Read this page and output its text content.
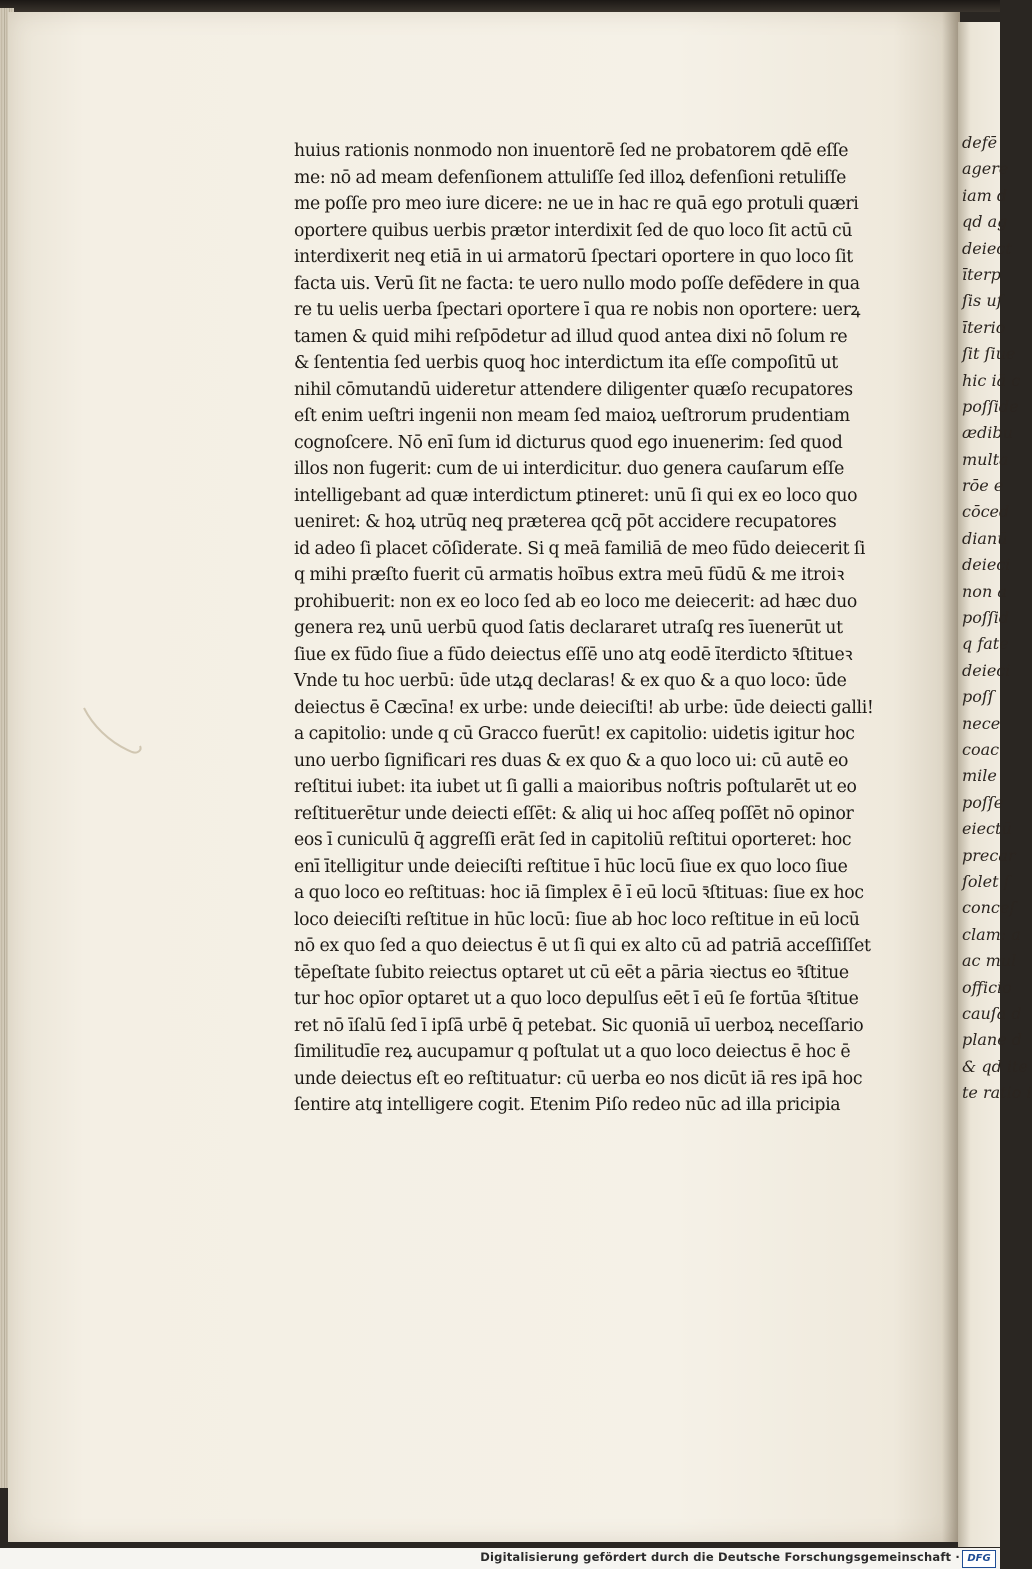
huius rationis nonmodo non inuentorē ſed ne probatorem qdē eſſe
me: nō ad meam defenſionem attuliſſe ſed illoꝝ defenſioni retuliſſe
me poſſe pro meo iure dicere: ne ue in hac re quā ego protuli quæri
oportere quibus uerbis prætor interdixit ſed de quo loco ſit actū cū
interdixerit neq̧ etiā in ui armatorū ſpectari oportere in quo loco ſit
facta uis. Verū ſit ne facta: te uero nullo modo poſſe defēdere in qua
re tu uelis uerba ſpectari oportere ī qua re nobis non oportere: uerꝝ
tamen & quid mihi reſpōdetur ad illud quod antea dixi nō ſolum re
& ſententia ſed uerbis quoq̧ hoc interdictum ita eſſe compoſitū ut
nihil cōmutandū uideretur attendere diligenter quæſo recupatores
eſt enim ueſtri ingenii non meam ſed maioꝝ ueſtrorum prudentiam
cognoſcere. Nō enī ſum id dicturus quod ego inuenerim: ſed quod
illos non fugerit: cum de ui interdicitur. duo genera cauſarum eſſe
intelligebant ad quæ interdictum ꝑtineret: unū ſi qui ex eo loco quo
ueniret: & hoꝝ utrūq̧ neq̧ præterea qcq̄ pōt accidere recupatores
id adeo ſi placet cōſiderate. Si q meā familiā de meo fūdo deiecerit ſi
q mihi præſto fuerit cū armatis hoībus extra meū fūdū & me itroiꝛ
prohibuerit: non ex eo loco ſed ab eo loco me deiecerit: ad hæc duo
genera reꝝ unū uerbū quod ſatis declararet utraſq̧ res īuenerūt ut
ſiue ex fūdo ſiue a fūdo deiectus eſſē uno atq̧ eodē īterdicto ꝛ̄ſtitueꝛ
Vnde tu hoc uerbū: ūde utꝝq̧ declaras! & ex quo & a quo loco: ūde
deiectus ē Cæcīna! ex urbe: unde deieciſti! ab urbe: ūde deiecti galli!
a capitolio: unde q cū Gracco fuerūt! ex capitolio: uidetis igitur hoc
uno uerbo ſignificari res duas & ex quo & a quo loco ui: cū autē eo
reſtitui iubet: ita iubet ut ſi galli a maioribus noſtris poſtularēt ut eo
reſtituerētur unde deiecti eſſēt: & aliq ui hoc aſſeq poſſēt nō opinor
eos ī cuniculū q̄ aggreſſi erāt ſed in capitoliū reſtitui oporteret: hoc
enī ītelligitur unde deieciſti reſtitue ī hūc locū ſiue ex quo loco ſiue
a quo loco eo reſtituas: hoc iā ſimplex ē ī eū locū ꝛ̄ſtituas: ſiue ex hoc
loco deieciſti reſtitue in hūc locū: ſiue ab hoc loco reſtitue in eū locū
nō ex quo ſed a quo deiectus ē ut ſi qui ex alto cū ad patriā acceſſiſſet
tēpeſtate ſubito reiectus optaret ut cū eēt a pāria ꝛiectus eo ꝛ̄ſtitue
tur hoc opīor optaret ut a quo loco depulſus eēt ī eū ſe fortūa ꝛ̄ſtitue
ret nō īſalū ſed ī ipſā urbē q̄ petebat. Sic quoniā uī uerboꝝ neceſſario
ſimilitudīe reꝝ aucupamur q poſtulat ut a quo loco deiectus ē hoc ē
unde deiectus eſt eo reſtituatur: cū uerba eo nos dicūt iā res ipā hoc
ſentire atq̧ intelligere cogit. Etenim Piſo redeo nūc ad illa pricipia
defē
agere
iam d
qd ag
deiect
īterp
ſis uſ
īterio
ſit ſiue
hic iā c
poſſide
ædibu
multa
rōe e
cōced
dianū
deieci
non a
poſſid
q fate
deieci
poſſ
nece
coac
mile
poſſe
eiectū
precar
ſolet ſ
conceſ
clam: a
ac mul
officio
cauſa d
plane d
& qd ite
te ratio i
Digitalisierung gefördert durch die Deutsche Forschungsgemeinschaft · DFG
